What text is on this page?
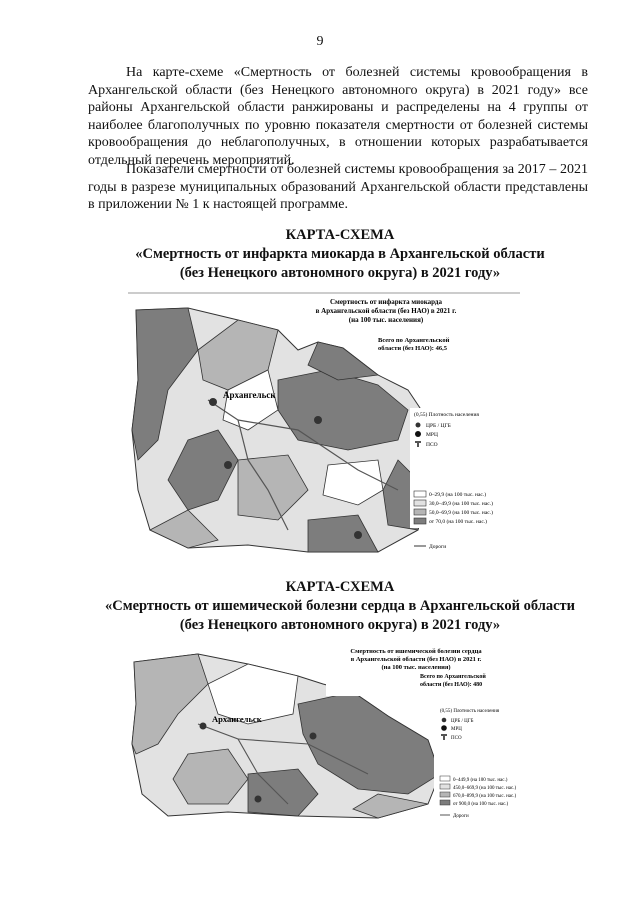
9

На карте-схеме «Смертность от болезней системы кровообращения в Архангельской области (без Ненецкого автономного округа) в 2021 году» все районы Архангельской области ранжированы и распределены на 4 группы от наиболее благополучных по уровню показателя смертности от болезней системы кровообращения до неблагополучных, в отношении которых разрабатывается отдельный перечень мероприятий.

Показатели смертности от болезней системы кровообращения за 2017 – 2021 годы в разрезе муниципальных образований Архангельской области представлены в приложении № 1 к настоящей программе.

КАРТА-СХЕМА
«Смертность от инфаркта миокарда в Архангельской области
(без Ненецкого автономного округа) в 2021 году»
Архангельск
Смертность от инфаркта миокарда
в Архангельской области (без НАО) в 2021 г.
(на 100 тыс. населения)
Всего по Архангельской
области (без НАО): 46,5
(0,55) Плотность населения
ЦРБ / ЦГБ
МРЦ
ПСО
0–29,9 (на 100 тыс. нас.)
30,0–49,9 (на 100 тыс. нас.)
50,0–69,9 (на 100 тыс. нас.)
от 70,0 (на 100 тыс. нас.)
Дороги
КАРТА-СХЕМА
«Смертность от ишемической болезни сердца в Архангельской области
(без Ненецкого автономного округа) в 2021 году»
Архангельск
Смертность от ишемической болезни сердца
в Архангельской области (без НАО) в 2021 г.
(на 100 тыс. населения)
Всего по Архангельской
области (без НАО): 480
(0,55) Плотность населения
ЦРБ / ЦГБ
МРЦ
ПСО
0–449,9 (на 100 тыс. нас.)
450,0–669,9 (на 100 тыс. нас.)
670,0–899,9 (на 100 тыс. нас.)
от 900,0 (на 100 тыс. нас.)
Дороги
